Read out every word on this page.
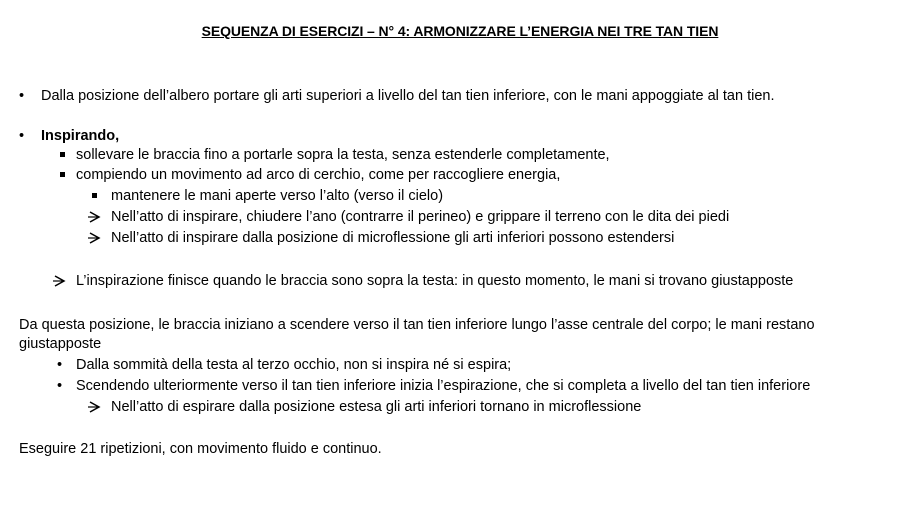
SEQUENZA DI ESERCIZI – N° 4: ARMONIZZARE L’ENERGIA NEI TRE TAN TIEN
• Dalla posizione dell’albero portare gli arti superiori a livello del tan tien inferiore, con le mani appoggiate al tan tien.
• Inspirando,
sollevare le braccia fino a portarle sopra la testa, senza estenderle completamente,
compiendo un movimento ad arco di cerchio, come per raccogliere energia,
mantenere le mani aperte verso l’alto (verso il cielo)
Nell’atto di inspirare, chiudere l’ano (contrarre il perineo) e grippare il terreno con le dita dei piedi
Nell’atto di inspirare dalla posizione di microflessione gli arti inferiori possono estendersi
L’inspirazione finisce quando le braccia sono sopra la testa: in questo momento, le mani si trovano giustapposte
Da questa posizione, le braccia iniziano a scendere verso il tan tien inferiore lungo l’asse centrale del corpo; le mani restano
giustapposte
• Dalla sommità della testa al terzo occhio, non si inspira né si espira;
• Scendendo ulteriormente verso il tan tien inferiore inizia l’espirazione, che si completa a livello del tan tien inferiore
Nell’atto di espirare dalla posizione estesa gli arti inferiori tornano in microflessione
Eseguire 21 ripetizioni, con movimento fluido e continuo.
